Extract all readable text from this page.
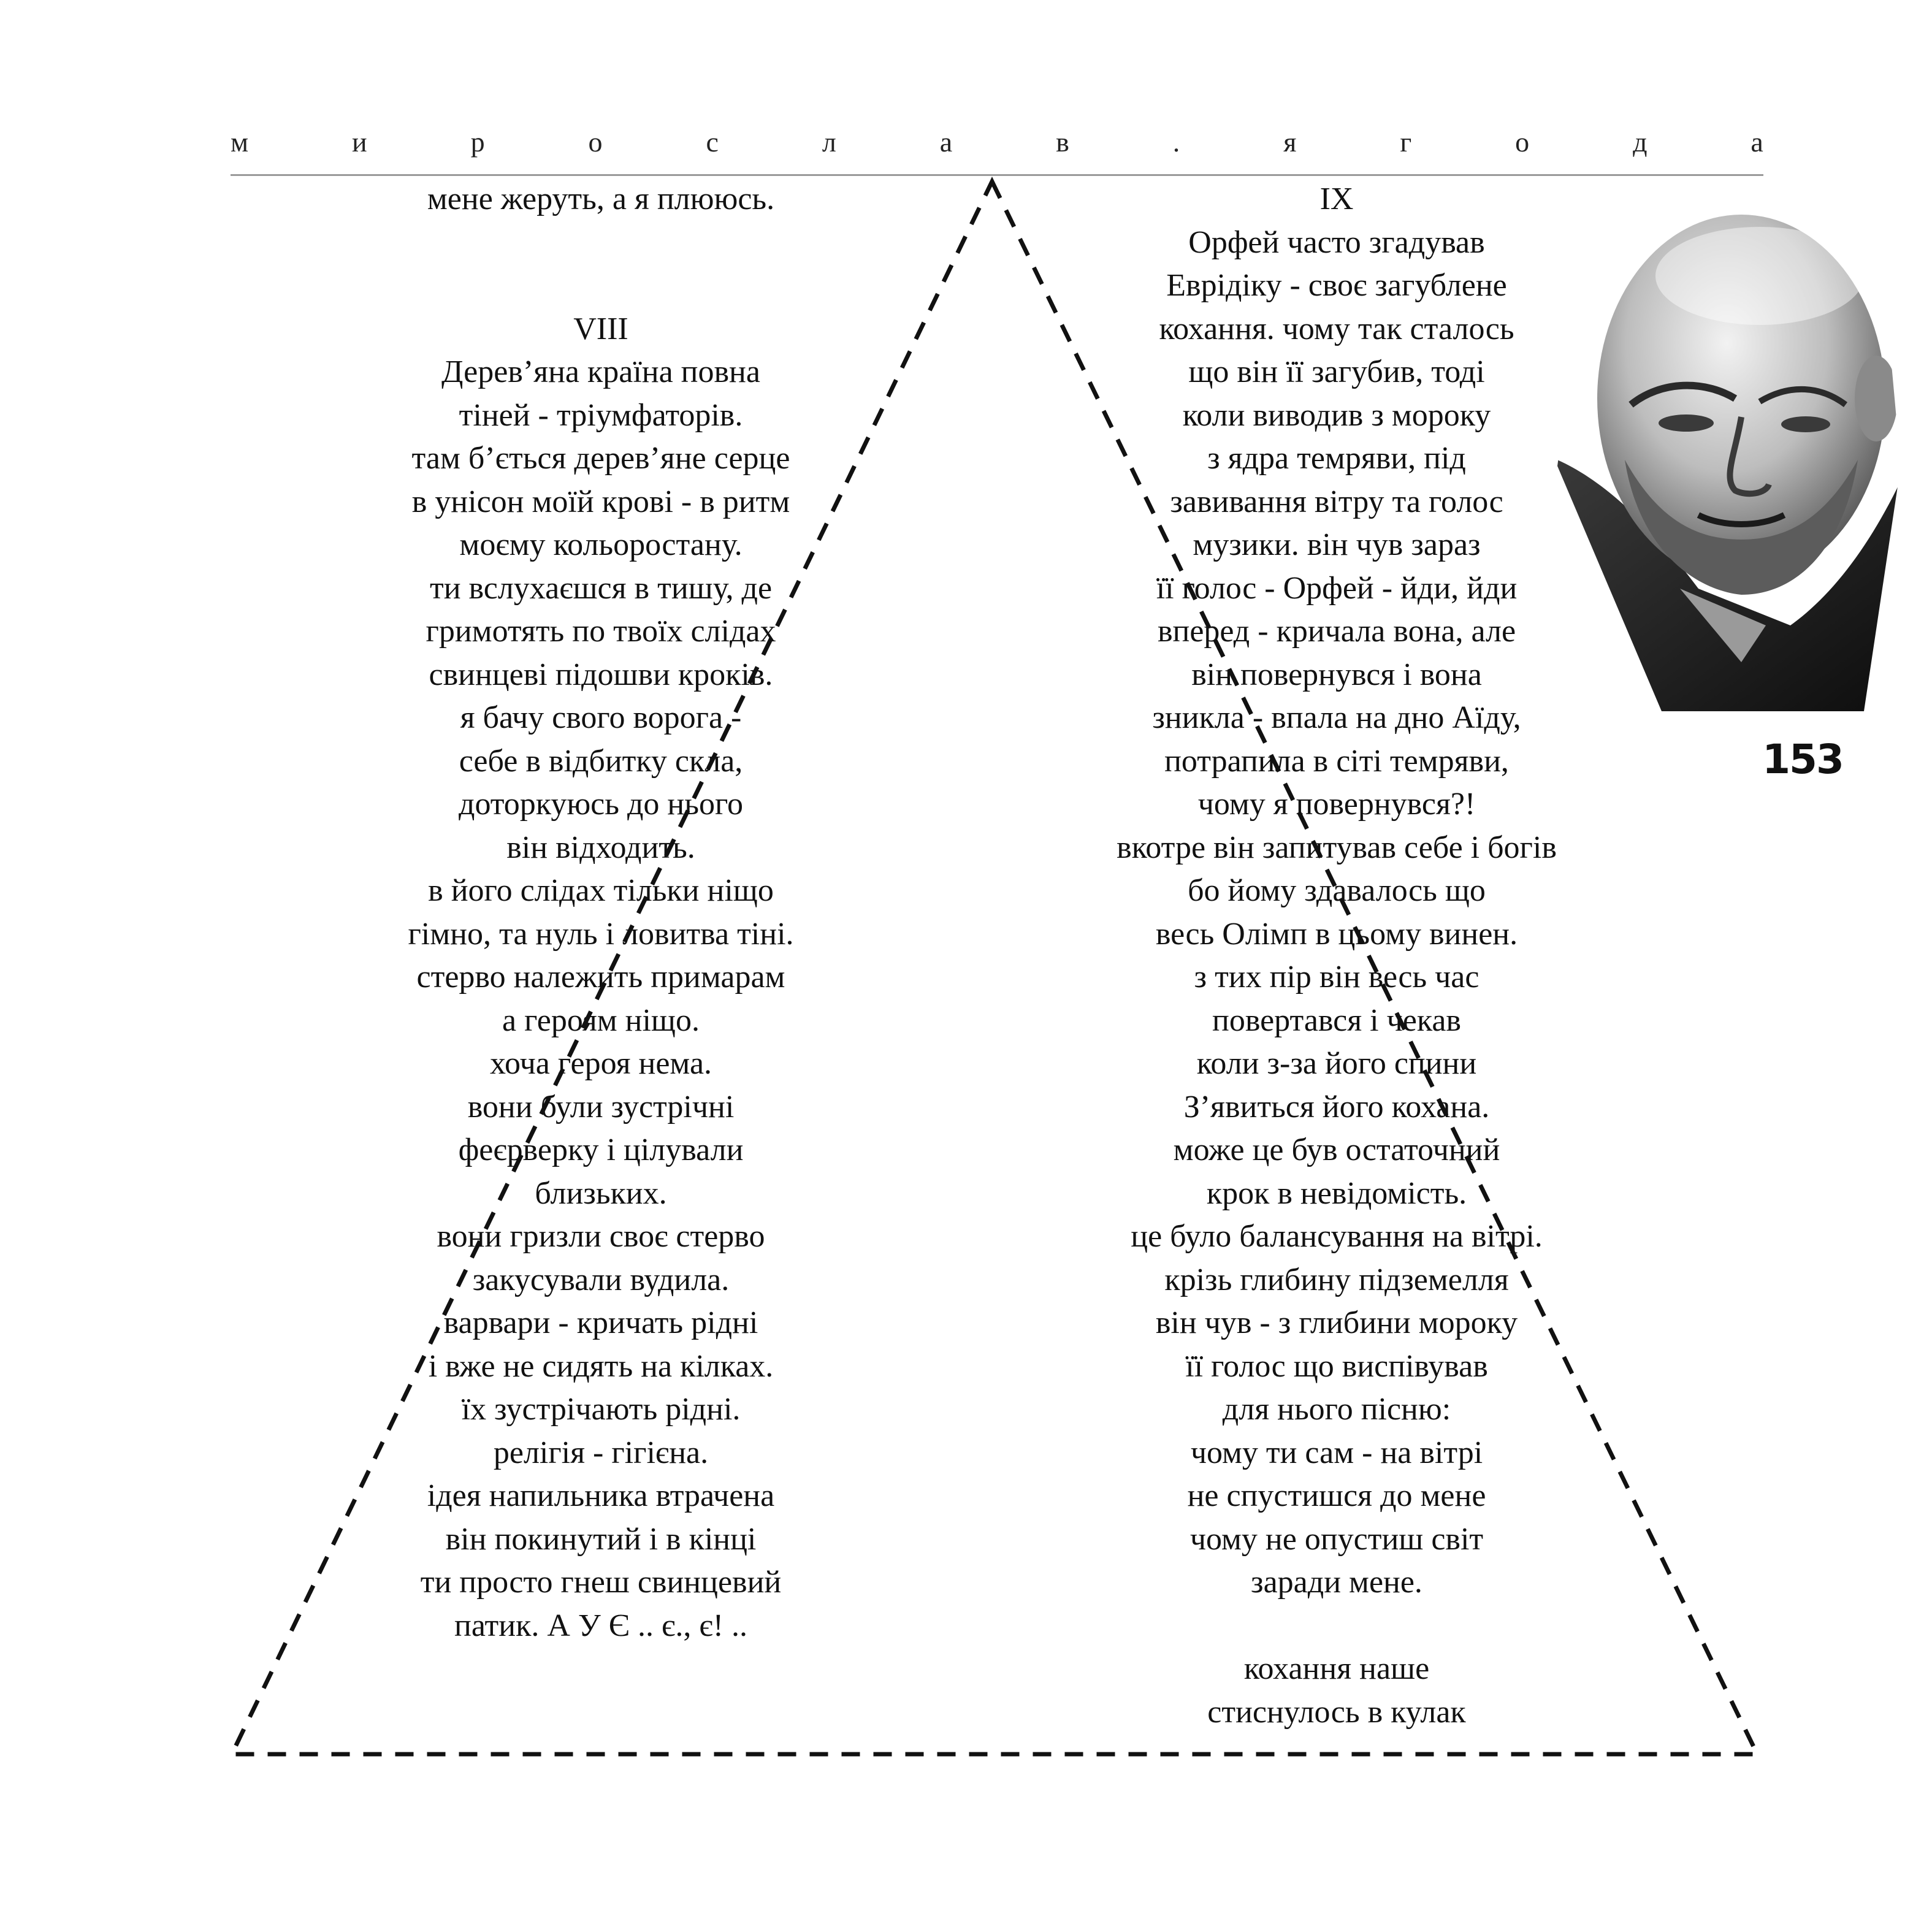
м	и	р	о	с	л	а	в	.	я	г	о	д	а
мене жеруть, а я плююсь.
VIII
Дерев’яна країна повна
тіней - тріумфаторів.
там б’ється дерев’яне серце
в унісон моїй крові - в ритм
моєму кольоростану.
ти вслухаєшся в тишу, де
гримотять по твоїх слідах
свинцеві підошви кроків.
я бачу свого ворога -
себе в відбитку скла,
доторкуюсь до нього
він відходить.
в його слідах тільки ніщо
гімно, та нуль і ловитва тіні.
стерво належить примарам
а героям ніщо.
хоча героя нема.
вони були зустрічні
феєрверку і цілували
близьких.
вони гризли своє стерво
закусували вудила.
варвари - кричать рідні
і вже не сидять на кілках.
їх зустрічають рідні.
релігія - гігієна.
ідея напильника втрачена
він покинутий і в кінці
ти просто гнеш свинцевий
патик. А У Є .. є., є! ..
IX
Орфей часто згадував
Еврідіку - своє загублене
кохання. чому так сталось
що він її загубив, тоді
коли виводив з мороку
з ядра темряви, під
завивання вітру та голос
музики. він чув зараз
її голос - Орфей - йди, йди
вперед - кричала вона, але
він повернувся і вона
зникла - впала на дно Аїду,
потрапила в сіті темряви,
чому я повернувся?!
вкотре він запитував себе і богів
бо йому здавалось що
весь Олімп в цьому винен.
з тих пір він весь час
повертався і чекав
коли з-за його спини
З’явиться його кохана.
може це був остаточний
крок в невідомість.
це було балансування на вітрі.
крізь глибину підземелля
він чув - з глибини мороку
її голос що виспівував
для нього пісню:
чому ти сам - на вітрі
не спустишся до мене
чому не опустиш світ
заради мене.
кохання наше
стиснулось в кулак
153
